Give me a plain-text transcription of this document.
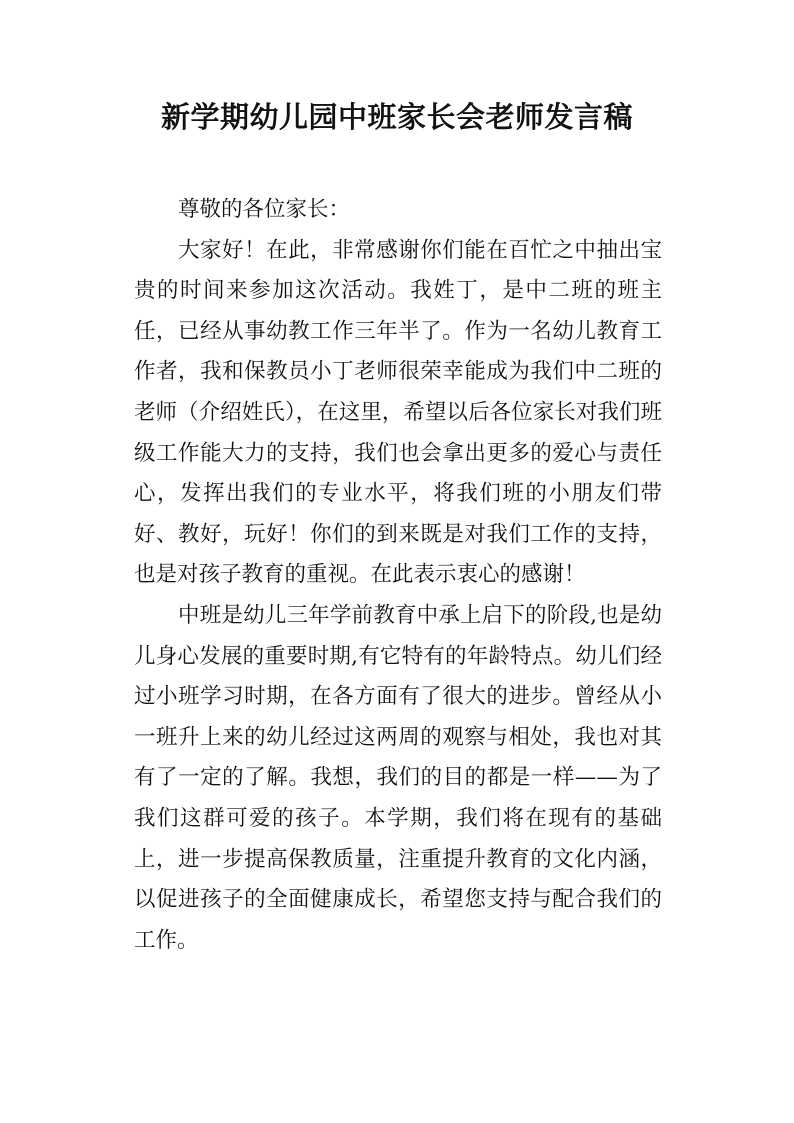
新学期幼儿园中班家长会老师发言稿

尊敬的各位家长：

大家好！在此，非常感谢你们能在百忙之中抽出宝贵的时间来参加这次活动。我姓丁，是中二班的班主任，已经从事幼教工作三年半了。作为一名幼儿教育工作者，我和保教员小丁老师很荣幸能成为我们中二班的老师（介绍姓氏），在这里，希望以后各位家长对我们班级工作能大力的支持，我们也会拿出更多的爱心与责任心，发挥出我们的专业水平，将我们班的小朋友们带好、教好，玩好！你们的到来既是对我们工作的支持，也是对孩子教育的重视。在此表示衷心的感谢！

中班是幼儿三年学前教育中承上启下的阶段,也是幼儿身心发展的重要时期,有它特有的年龄特点。幼儿们经过小班学习时期，在各方面有了很大的进步。曾经从小一班升上来的幼儿经过这两周的观察与相处，我也对其有了一定的了解。我想，我们的目的都是一样——为了我们这群可爱的孩子。本学期，我们将在现有的基础上，进一步提高保教质量，注重提升教育的文化内涵，以促进孩子的全面健康成长，希望您支持与配合我们的工作。
